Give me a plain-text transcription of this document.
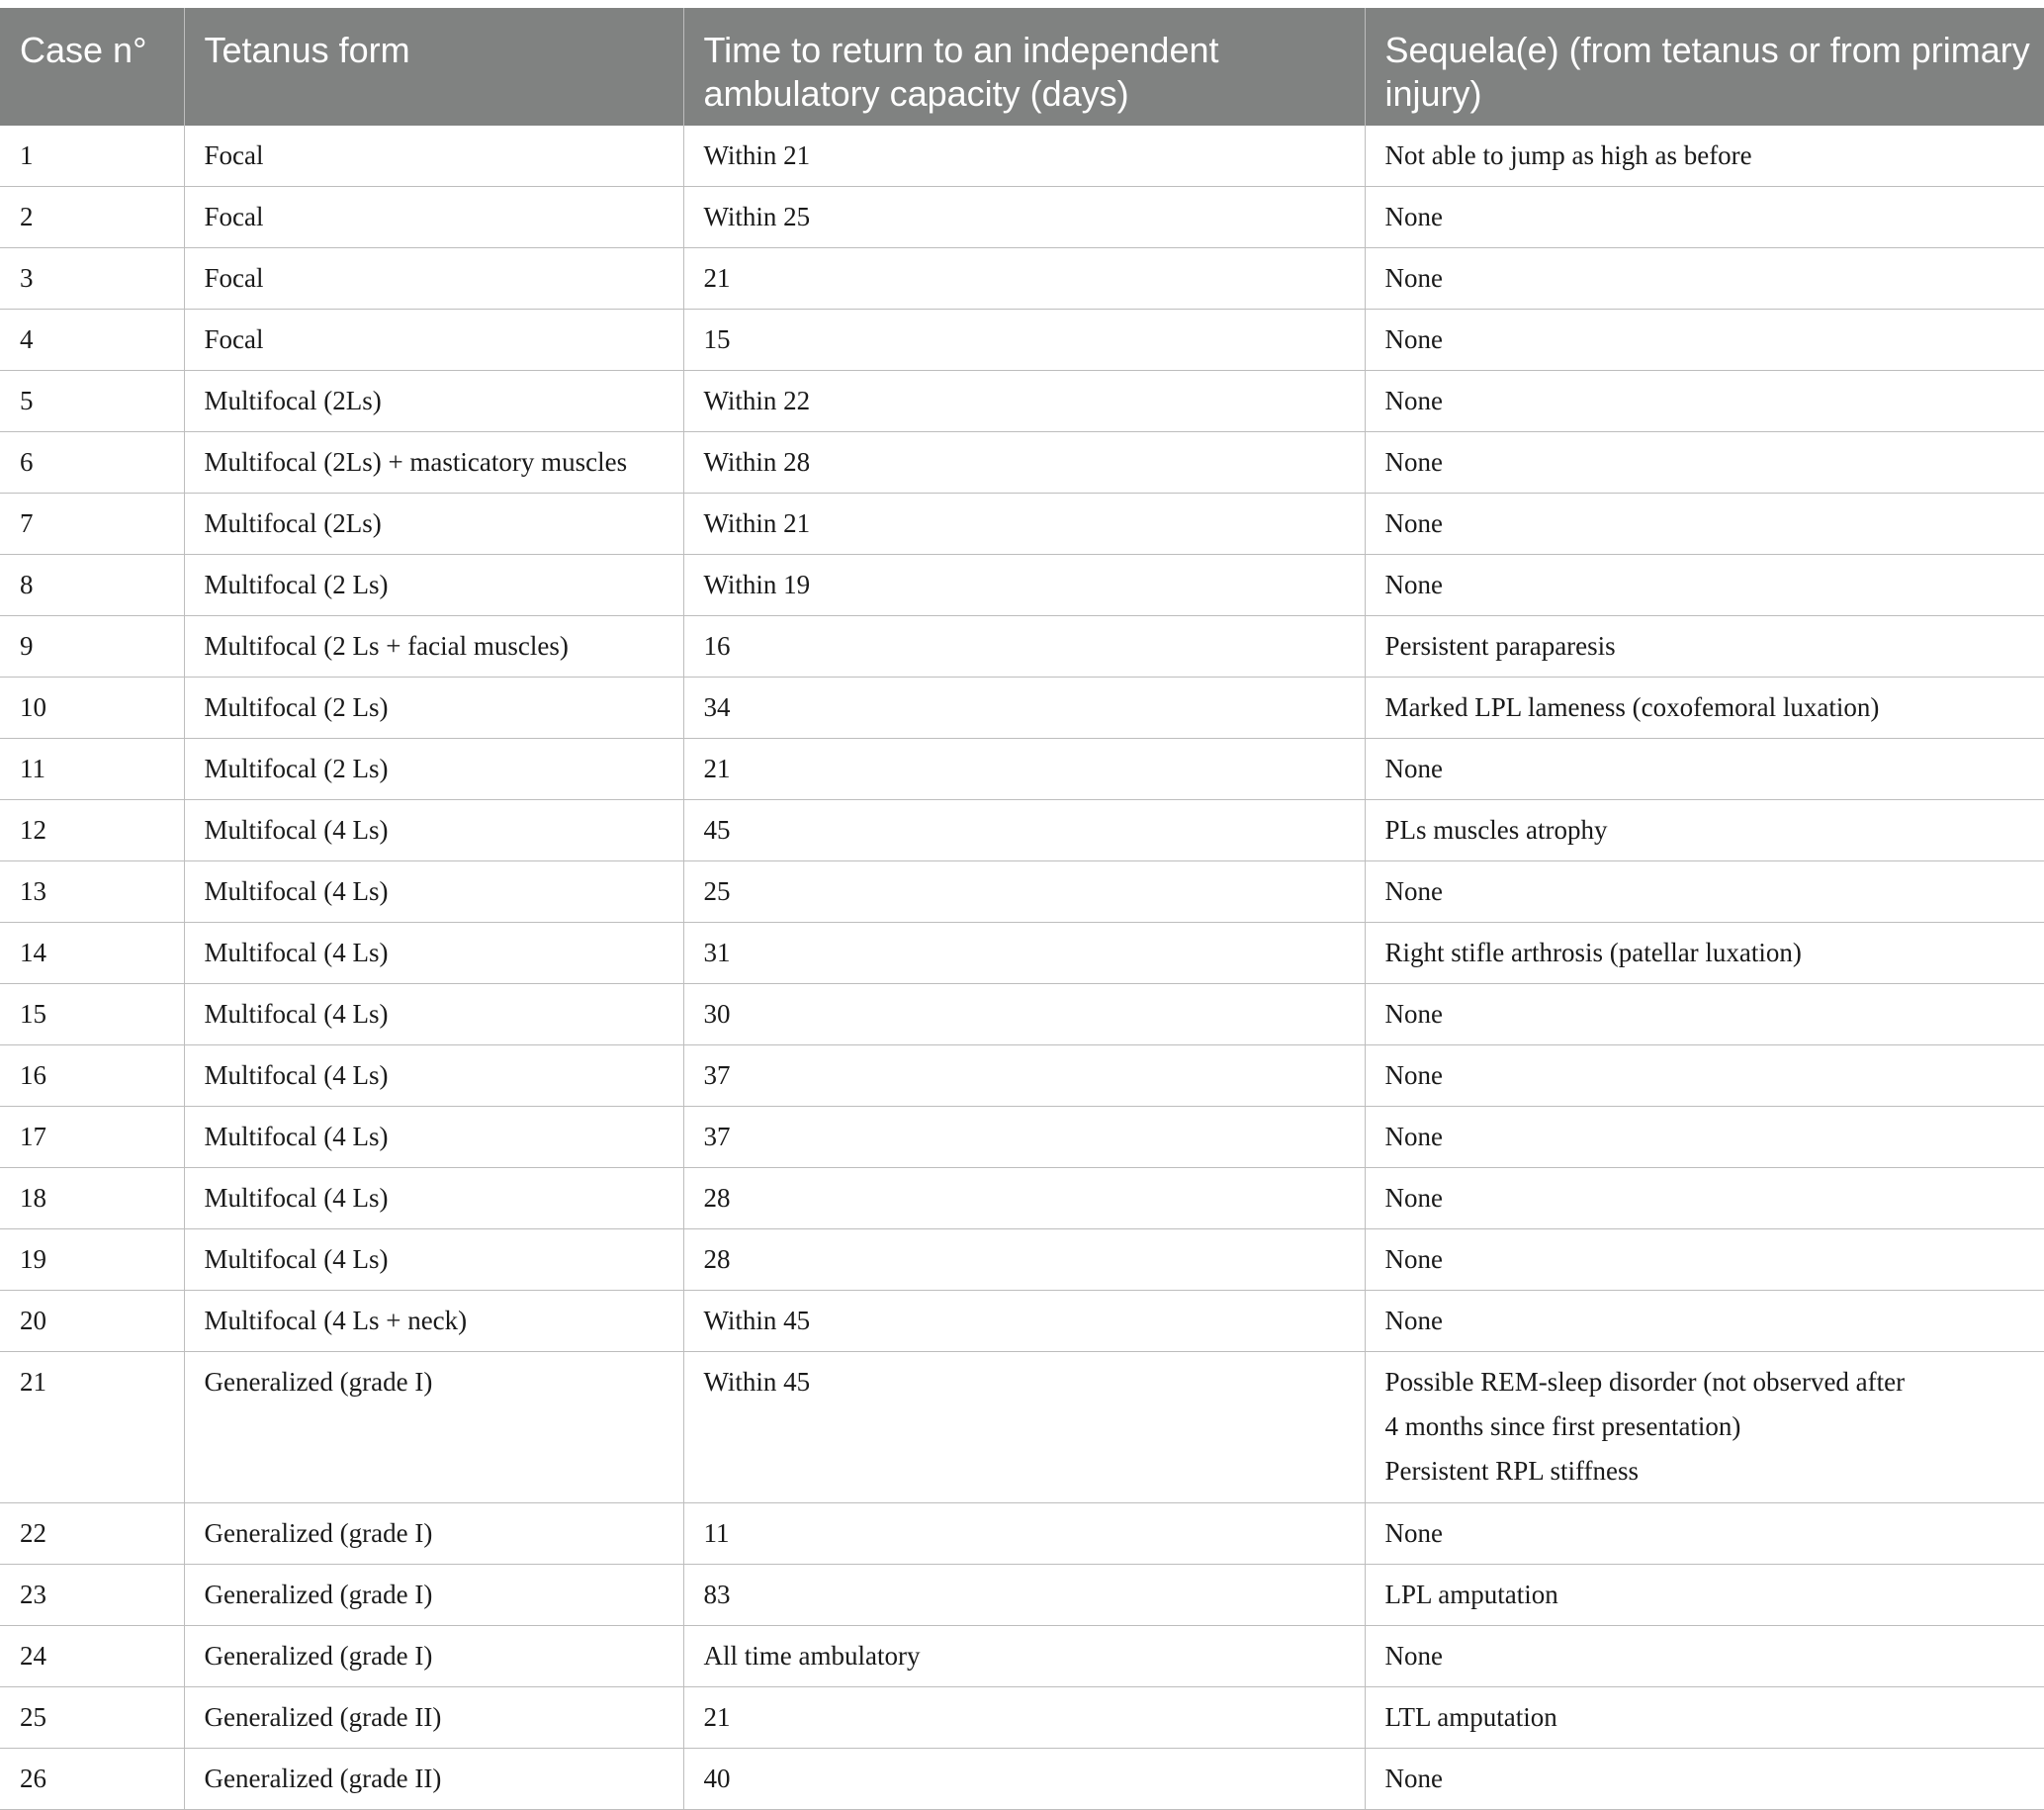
Case n°	Tetanus form	Time to return to an independent ambulatory capacity (days)	Sequela(e) (from tetanus or from primary injury)
1	Focal	Within 21	Not able to jump as high as before

2	Focal	Within 25	None

3	Focal	21	None

4	Focal	15	None

5	Multifocal (2Ls)	Within 22	None

6	Multifocal (2Ls) + masticatory muscles	Within 28	None

7	Multifocal (2Ls)	Within 21	None

8	Multifocal (2 Ls)	Within 19	None

9	Multifocal (2 Ls + facial muscles)	16	Persistent paraparesis

10	Multifocal (2 Ls)	34	Marked LPL lameness (coxofemoral luxation)

11	Multifocal (2 Ls)	21	None

12	Multifocal (4 Ls)	45	PLs muscles atrophy

13	Multifocal (4 Ls)	25	None

14	Multifocal (4 Ls)	31	Right stifle arthrosis (patellar luxation)

15	Multifocal (4 Ls)	30	None

16	Multifocal (4 Ls)	37	None

17	Multifocal (4 Ls)	37	None

18	Multifocal (4 Ls)	28	None

19	Multifocal (4 Ls)	28	None

20	Multifocal (4 Ls + neck)	Within 45	None

21	Generalized (grade I)	Within 45	Possible REM-sleep disorder (not observed after
4 months since first presentation)
Persistent RPL stiffness

22	Generalized (grade I)	11	None

23	Generalized (grade I)	83	LPL amputation

24	Generalized (grade I)	All time ambulatory	None

25	Generalized (grade II)	21	LTL amputation

26	Generalized (grade II)	40	None
